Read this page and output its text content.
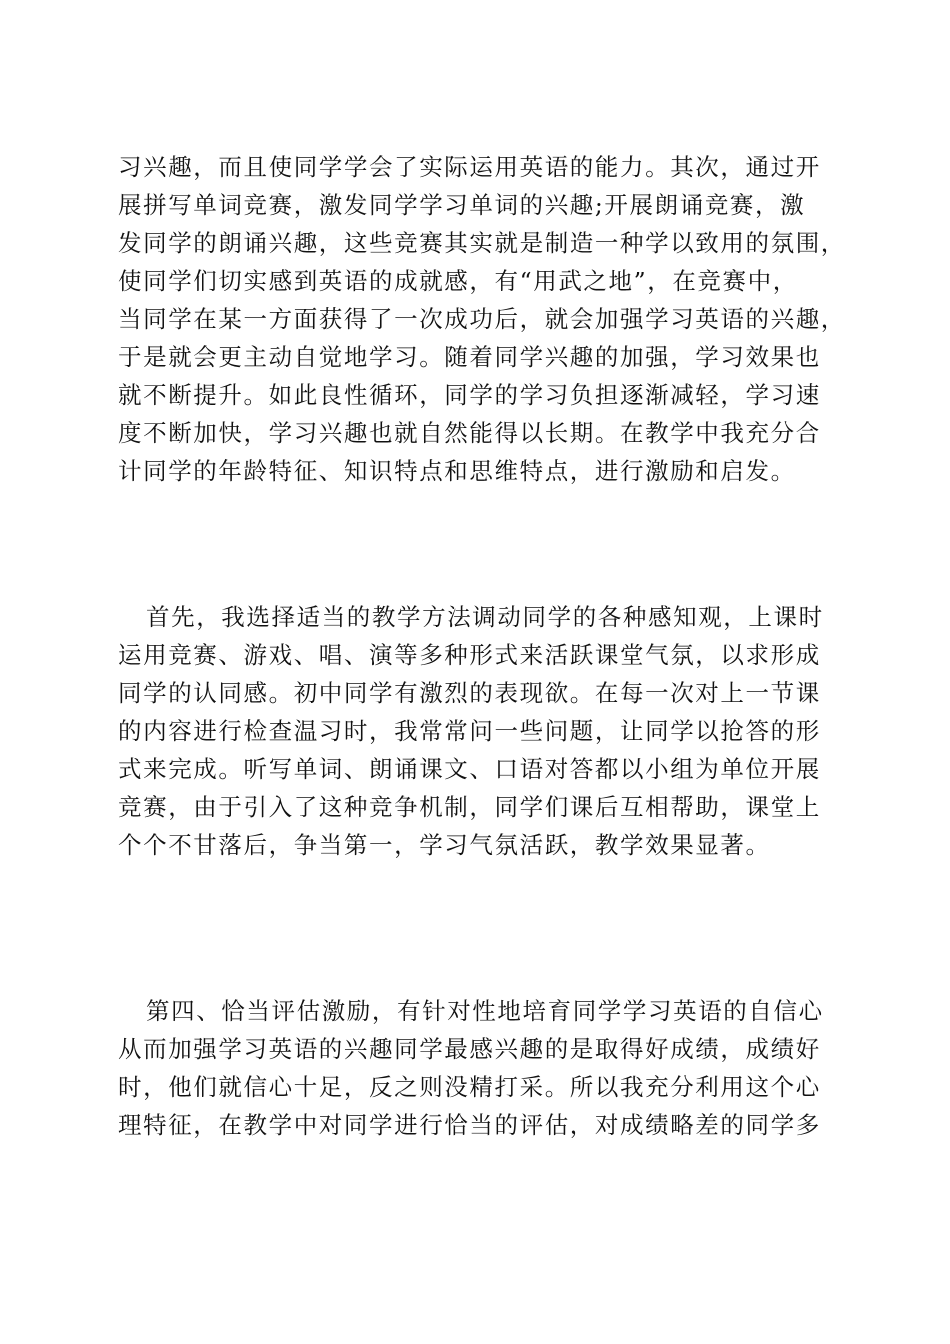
习兴趣，而且使同学学会了实际运用英语的能力。其次，通过开
展拼写单词竞赛，激发同学学习单词的兴趣;开展朗诵竞赛，激
发同学的朗诵兴趣，这些竞赛其实就是制造一种学以致用的氛围，
使同学们切实感到英语的成就感，有“用武之地”，在竞赛中，
当同学在某一方面获得了一次成功后，就会加强学习英语的兴趣，
于是就会更主动自觉地学习。随着同学兴趣的加强，学习效果也
就不断提升。如此良性循环，同学的学习负担逐渐减轻，学习速
度不断加快，学习兴趣也就自然能得以长期。在教学中我充分合
计同学的年龄特征、知识特点和思维特点，进行激励和启发。
首先，我选择适当的教学方法调动同学的各种感知观，上课时
运用竞赛、游戏、唱、演等多种形式来活跃课堂气氛，以求形成
同学的认同感。初中同学有激烈的表现欲。在每一次对上一节课
的内容进行检查温习时，我常常问一些问题，让同学以抢答的形
式来完成。听写单词、朗诵课文、口语对答都以小组为单位开展
竞赛，由于引入了这种竞争机制，同学们课后互相帮助，课堂上
个个不甘落后，争当第一，学习气氛活跃，教学效果显著。
第四、恰当评估激励，有针对性地培育同学学习英语的自信心
从而加强学习英语的兴趣同学最感兴趣的是取得好成绩，成绩好
时，他们就信心十足，反之则没精打采。所以我充分利用这个心
理特征，在教学中对同学进行恰当的评估，对成绩略差的同学多
